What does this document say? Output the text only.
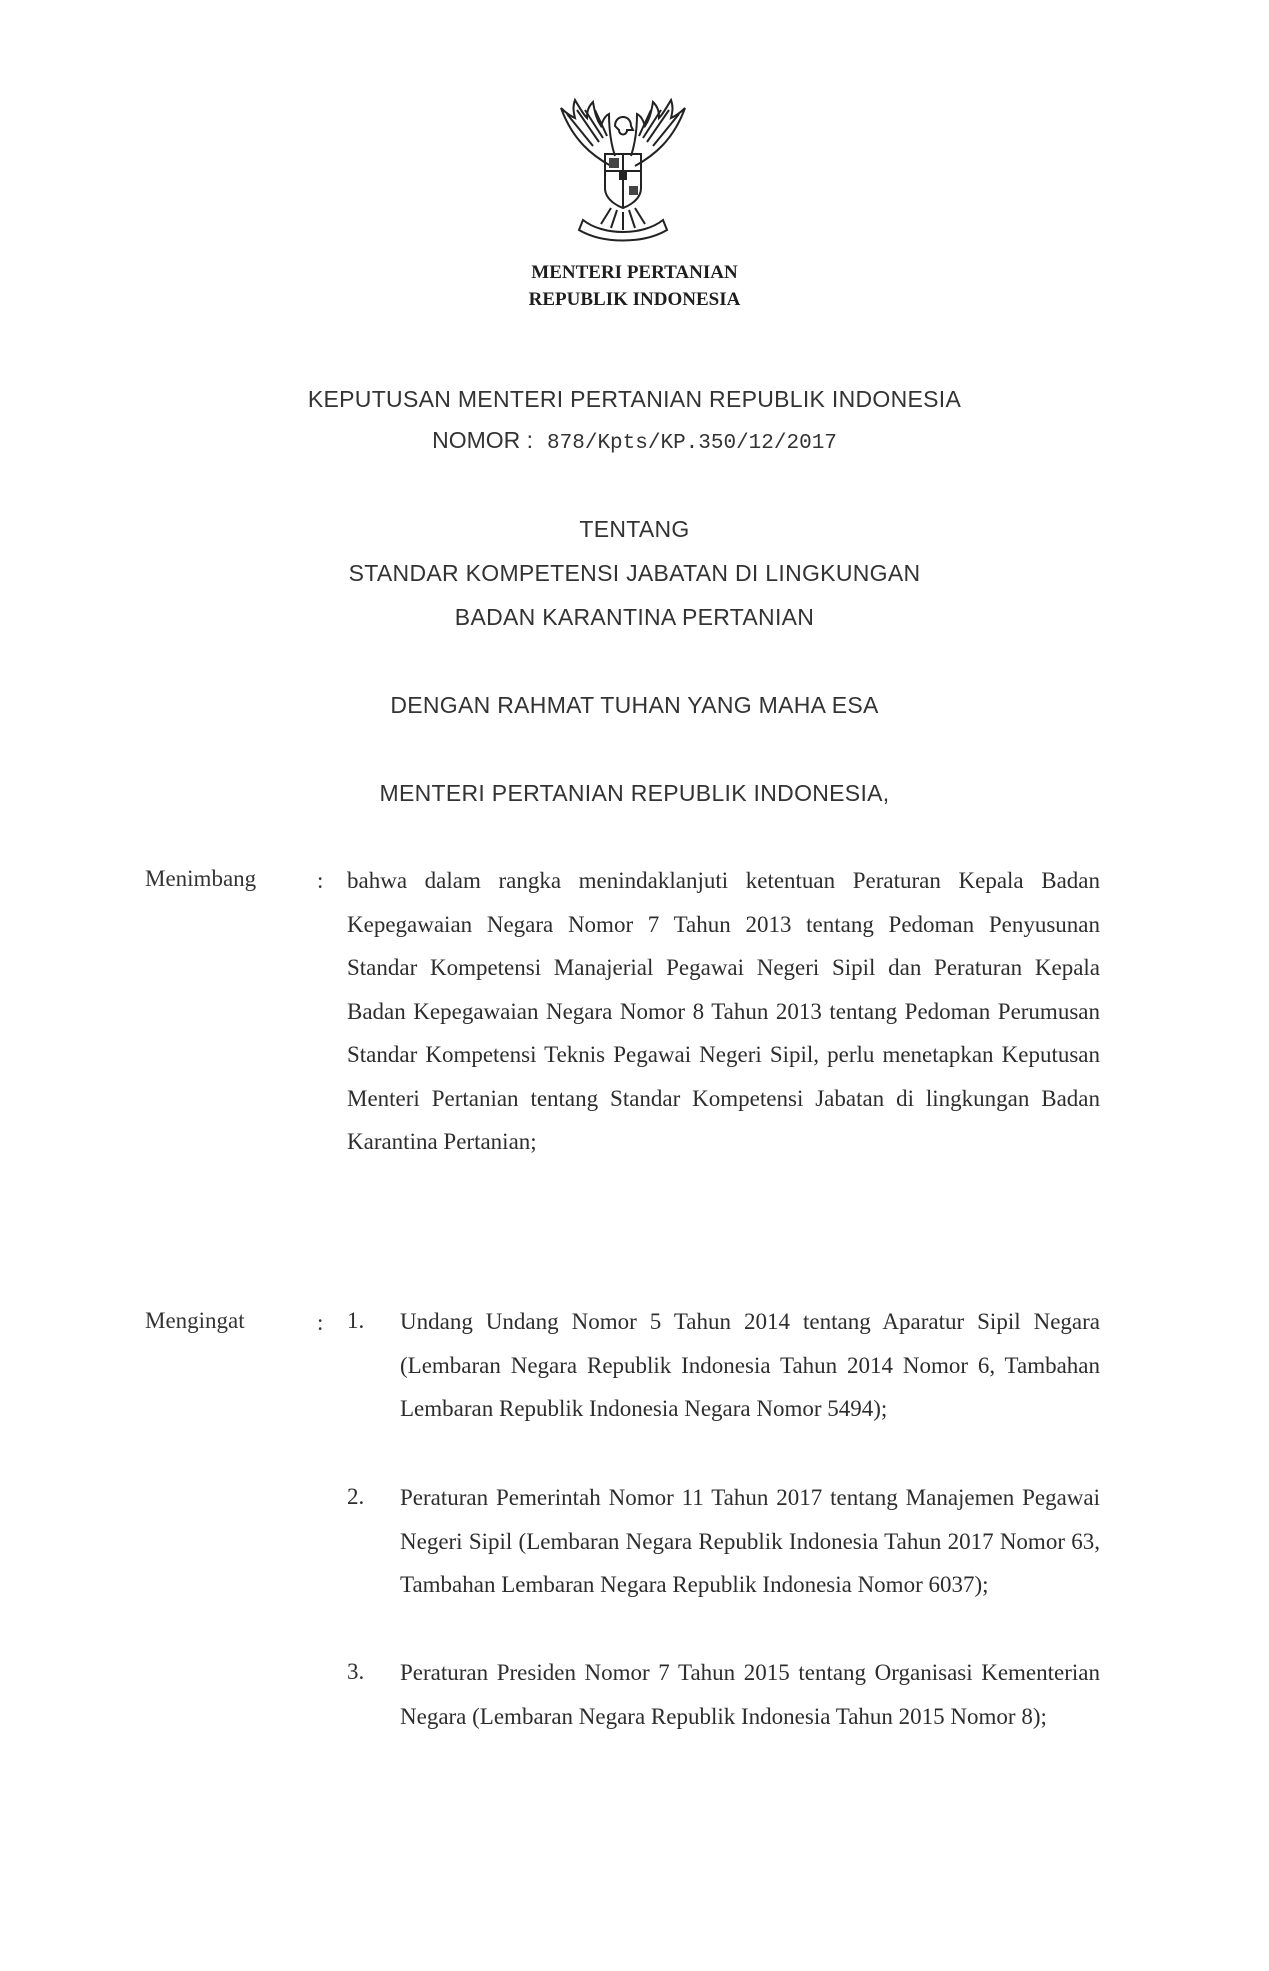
MENTERI PERTANIAN
REPUBLIK INDONESIA
KEPUTUSAN MENTERI PERTANIAN REPUBLIK INDONESIA
NOMOR : 878/Kpts/KP.350/12/2017
TENTANG
STANDAR KOMPETENSI JABATAN DI LINGKUNGAN
BADAN KARANTINA PERTANIAN
DENGAN RAHMAT TUHAN YANG MAHA ESA
MENTERI PERTANIAN REPUBLIK INDONESIA,
Menimbang	: bahwa dalam rangka menindaklanjuti ketentuan Peraturan Kepala Badan Kepegawaian Negara Nomor 7 Tahun 2013 tentang Pedoman Penyusunan Standar Kompetensi Manajerial Pegawai Negeri Sipil dan Peraturan Kepala Badan Kepegawaian Negara Nomor 8 Tahun 2013 tentang Pedoman Perumusan Standar Kompetensi Teknis Pegawai Negeri Sipil, perlu menetapkan Keputusan Menteri Pertanian tentang Standar Kompetensi Jabatan di lingkungan Badan Karantina Pertanian;

Mengingat	: 1. Undang Undang Nomor 5 Tahun 2014 tentang Aparatur Sipil Negara (Lembaran Negara Republik Indonesia Tahun 2014 Nomor 6, Tambahan Lembaran Republik Indonesia Negara Nomor 5494);

2. Peraturan Pemerintah Nomor 11 Tahun 2017 tentang Manajemen Pegawai Negeri Sipil (Lembaran Negara Republik Indonesia Tahun 2017 Nomor 63, Tambahan Lembaran Negara Republik Indonesia Nomor 6037);

3. Peraturan Presiden Nomor 7 Tahun 2015 tentang Organisasi Kementerian Negara (Lembaran Negara Republik Indonesia Tahun 2015 Nomor 8);
